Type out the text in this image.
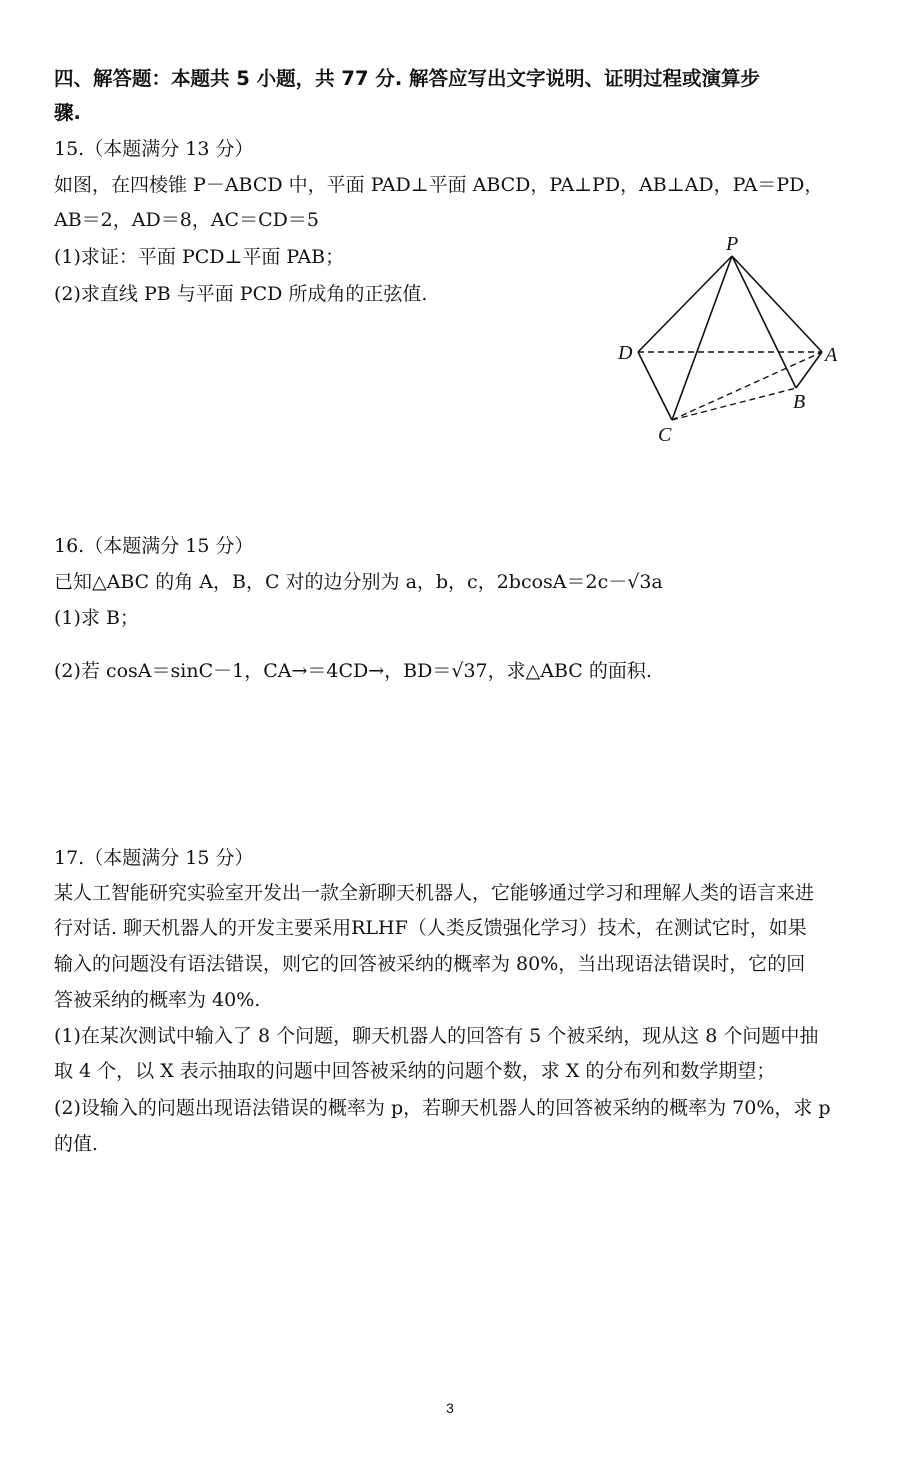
四、解答题：本题共 5 小题，共 77 分. 解答应写出文字说明、证明过程或演算步
骤.
15.（本题满分 13 分）
如图，在四棱锥 P－ABCD 中，平面 PAD⊥平面 ABCD，PA⊥PD，AB⊥AD，PA＝PD，
AB＝2，AD＝8，AC＝CD＝5
(1)求证：平面 PCD⊥平面 PAB；
(2)求直线 PB 与平面 PCD 所成角的正弦值.
P
D	A
B
C
16.（本题满分 15 分）
已知△ABC 的角 A，B，C 对的边分别为 a，b，c，2bcosA＝2c－√3a
(1)求 B；
(2)若 cosA＝sinC－1，CA→＝4CD→，BD＝√37，求△ABC 的面积.
17.（本题满分 15 分）
某人工智能研究实验室开发出一款全新聊天机器人，它能够通过学习和理解人类的语言来进
行对话. 聊天机器人的开发主要采用RLHF（人类反馈强化学习）技术，在测试它时，如果
输入的问题没有语法错误，则它的回答被采纳的概率为 80%，当出现语法错误时，它的回
答被采纳的概率为 40%.
(1)在某次测试中输入了 8 个问题，聊天机器人的回答有 5 个被采纳，现从这 8 个问题中抽
取 4 个，以 X 表示抽取的问题中回答被采纳的问题个数，求 X 的分布列和数学期望；
(2)设输入的问题出现语法错误的概率为 p，若聊天机器人的回答被采纳的概率为 70%，求 p
的值.
3
